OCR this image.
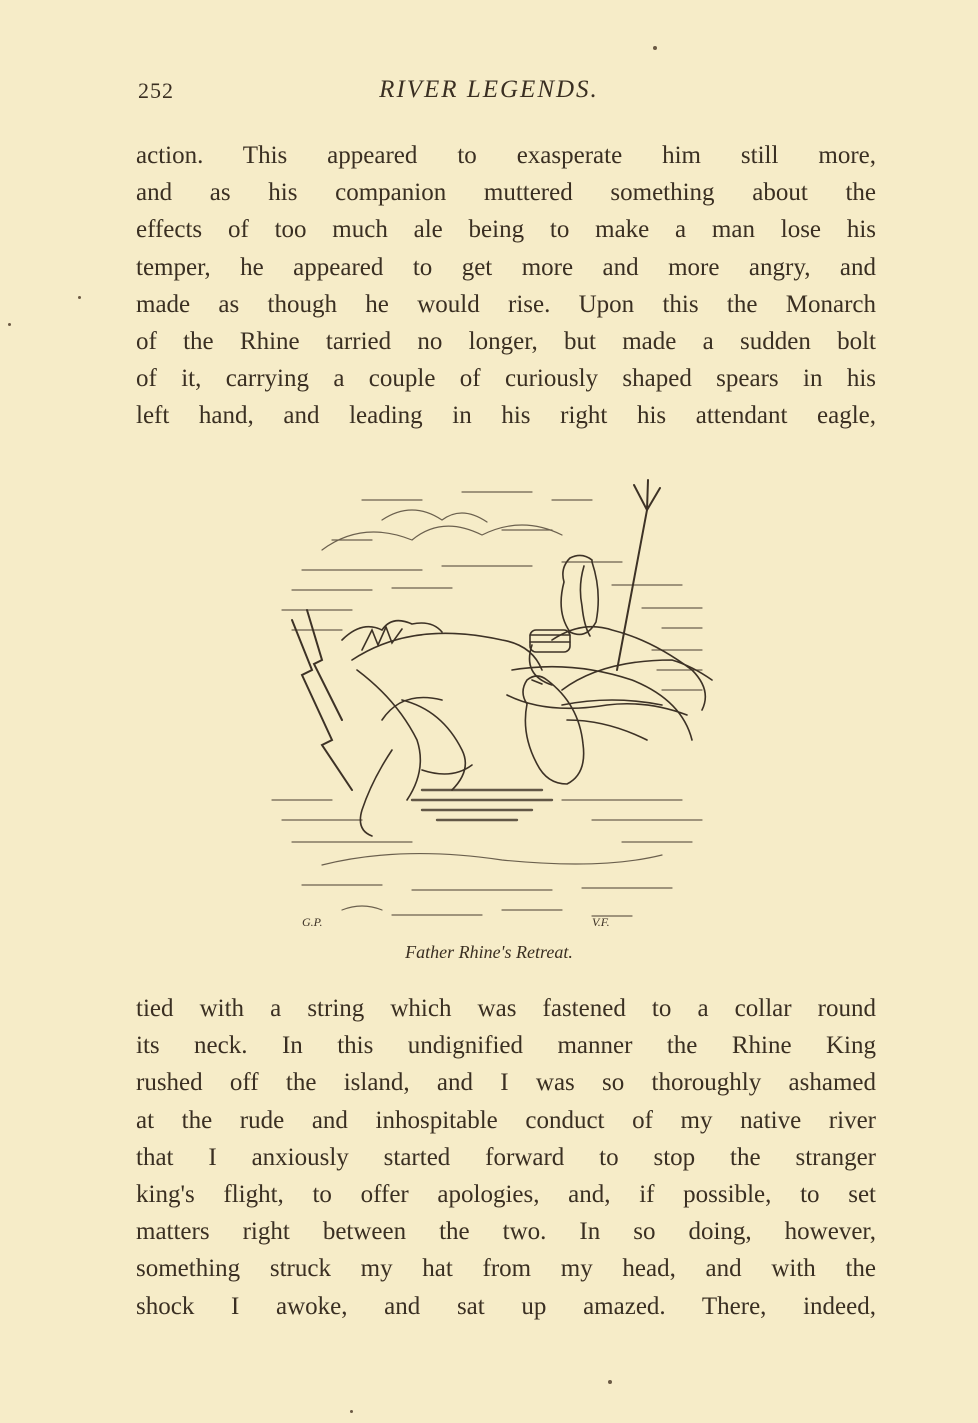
252	RIVER LEGENDS.
action. This appeared to exasperate him still more,
and as his companion muttered something about the
effects of too much ale being to make a man lose his
temper, he appeared to get more and more angry, and
made as though he would rise. Upon this the Monarch
of the Rhine tarried no longer, but made a sudden bolt
of it, carrying a couple of curiously shaped spears in his
left hand, and leading in his right his attendant eagle,
G.P.	V.F.
Father Rhine's Retreat.
tied with a string which was fastened to a collar round
its neck. In this undignified manner the Rhine King
rushed off the island, and I was so thoroughly ashamed
at the rude and inhospitable conduct of my native river
that I anxiously started forward to stop the stranger
king's flight, to offer apologies, and, if possible, to set
matters right between the two. In so doing, however,
something struck my hat from my head, and with the
shock I awoke, and sat up amazed. There, indeed,
